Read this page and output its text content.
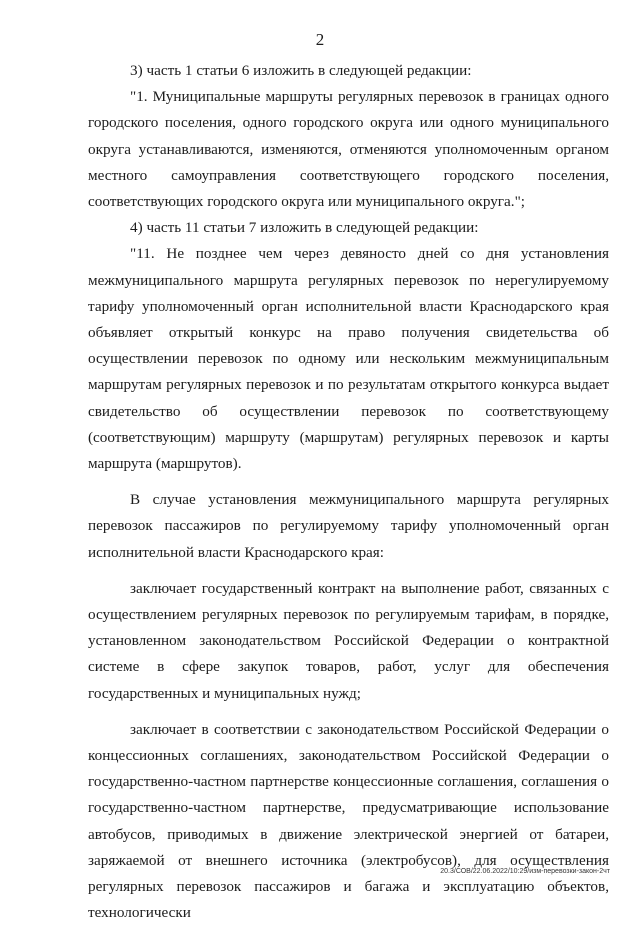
2

3) часть 1 статьи 6 изложить в следующей редакции:

"1. Муниципальные маршруты регулярных перевозок в границах одного городского поселения, одного городского округа или одного муниципального округа устанавливаются, изменяются, отменяются уполномоченным органом местного самоуправления соответствующего городского поселения, соответствующих городского округа или муниципального округа.";

4) часть 11 статьи 7 изложить в следующей редакции:

"11. Не позднее чем через девяносто дней со дня установления межмуниципального маршрута регулярных перевозок по нерегулируемому тарифу уполномоченный орган исполнительной власти Краснодарского края объявляет открытый конкурс на право получения свидетельства об осуществлении перевозок по одному или нескольким межмуниципальным маршрутам регулярных перевозок и по результатам открытого конкурса выдает свидетельство об осуществлении перевозок по соответствующему (соответствующим) маршруту (маршрутам) регулярных перевозок и карты маршрута (маршрутов).

В случае установления межмуниципального маршрута регулярных перевозок пассажиров по регулируемому тарифу уполномоченный орган исполнительной власти Краснодарского края:

заключает государственный контракт на выполнение работ, связанных с осуществлением регулярных перевозок по регулируемым тарифам, в порядке, установленном законодательством Российской Федерации о контрактной системе в сфере закупок товаров, работ, услуг для обеспечения государственных и муниципальных нужд;

заключает в соответствии с законодательством Российской Федерации о концессионных соглашениях, законодательством Российской Федерации о государственно-частном партнерстве концессионные соглашения, соглашения о государственно-частном партнерстве, предусматривающие использование автобусов, приводимых в движение электрической энергией от батареи, заряжаемой от внешнего источника (электробусов), для осуществления регулярных перевозок пассажиров и багажа и эксплуатацию объектов, технологически

20.3/СОВ/22.06.2022/10:29/изм-перевозки-закон-2чт
